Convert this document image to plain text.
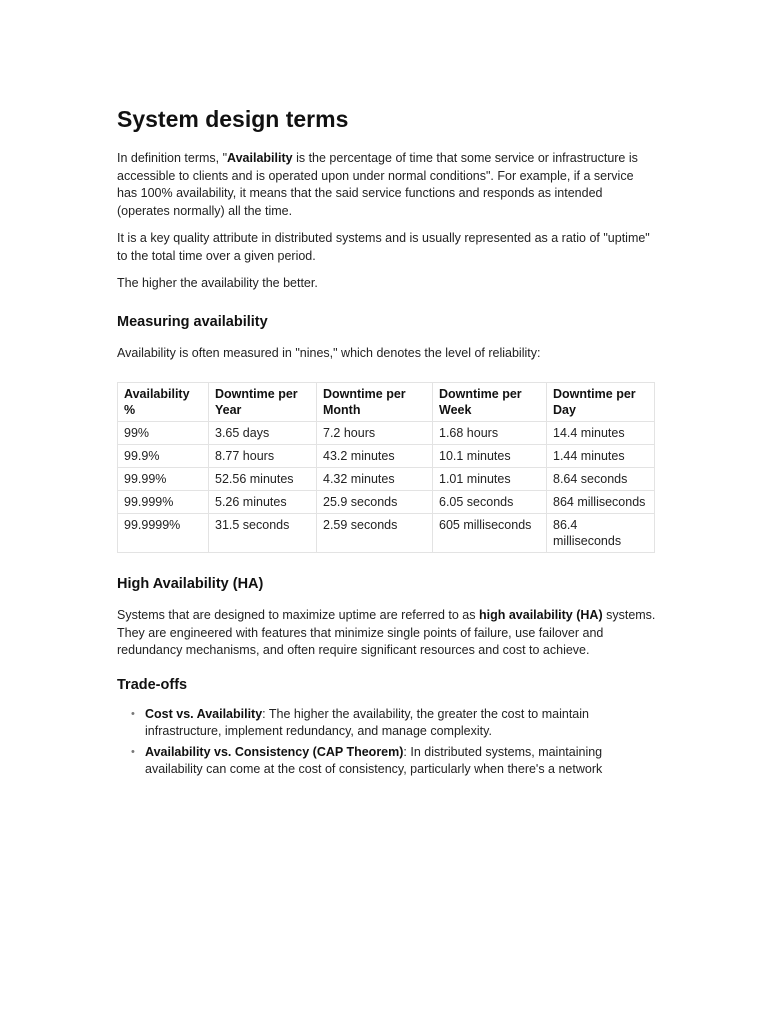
System design terms

In definition terms, "Availability is the percentage of time that some service or infrastructure is accessible to clients and is operated upon under normal conditions". For example, if a service has 100% availability, it means that the said service functions and responds as intended (operates normally) all the time.

It is a key quality attribute in distributed systems and is usually represented as a ratio of "uptime" to the total time over a given period.

The higher the availability the better.

Measuring availability

Availability is often measured in "nines," which denotes the level of reliability:

Availability %	Downtime per Year	Downtime per Month	Downtime per Week	Downtime per Day
99%	3.65 days	7.2 hours	1.68 hours	14.4 minutes
99.9%	8.77 hours	43.2 minutes	10.1 minutes	1.44 minutes
99.99%	52.56 minutes	4.32 minutes	1.01 minutes	8.64 seconds
99.999%	5.26 minutes	25.9 seconds	6.05 seconds	864 milliseconds
99.9999%	31.5 seconds	2.59 seconds	605 milliseconds	86.4 milliseconds
High Availability (HA)

Systems that are designed to maximize uptime are referred to as high availability (HA) systems. They are engineered with features that minimize single points of failure, use failover and redundancy mechanisms, and often require significant resources and cost to achieve.

Trade-offs
• Cost vs. Availability: The higher the availability, the greater the cost to maintain infrastructure, implement redundancy, and manage complexity.
• Availability vs. Consistency (CAP Theorem): In distributed systems, maintaining availability can come at the cost of consistency, particularly when there's a network
